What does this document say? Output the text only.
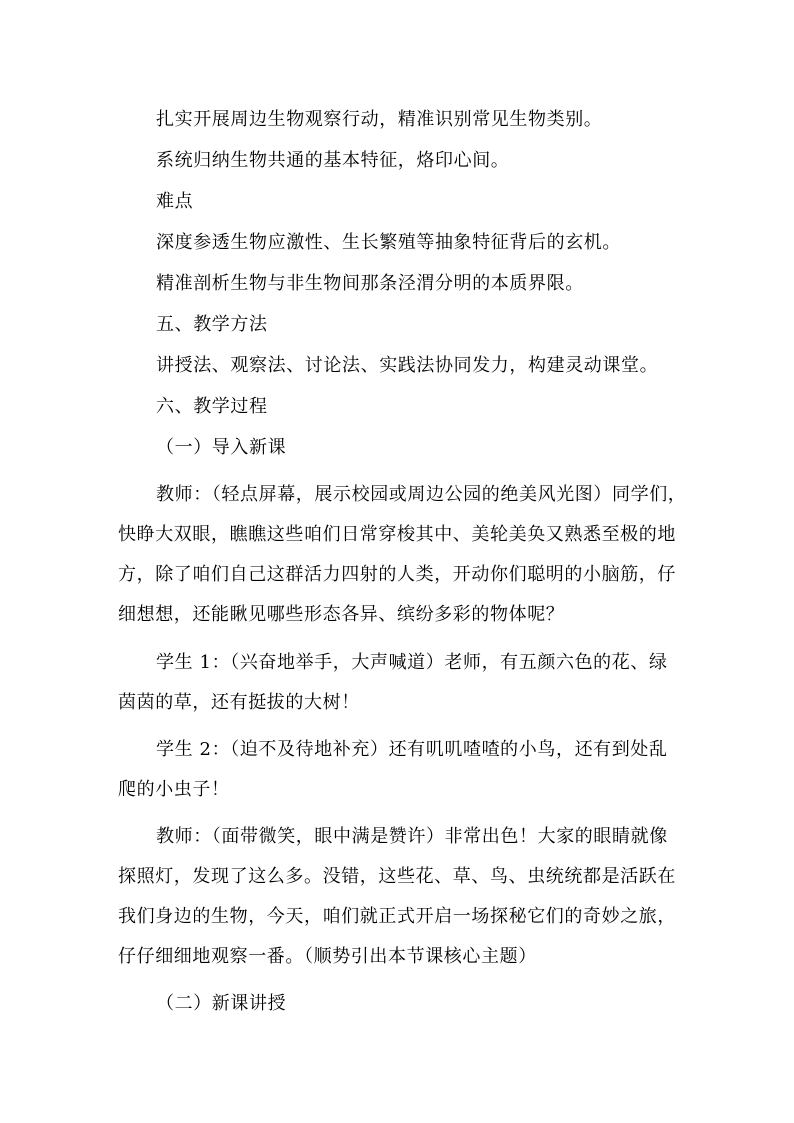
扎实开展周边生物观察行动，精准识别常见生物类别。
系统归纳生物共通的基本特征，烙印心间。
难点
深度参透生物应激性、生长繁殖等抽象特征背后的玄机。
精准剖析生物与非生物间那条泾渭分明的本质界限。
五、教学方法
讲授法、观察法、讨论法、实践法协同发力，构建灵动课堂。
六、教学过程
（一）导入新课
教师：（轻点屏幕，展示校园或周边公园的绝美风光图）同学们，
快睁大双眼，瞧瞧这些咱们日常穿梭其中、美轮美奂又熟悉至极的地
方，除了咱们自己这群活力四射的人类，开动你们聪明的小脑筋，仔
细想想，还能瞅见哪些形态各异、缤纷多彩的物体呢？
学生 1：（兴奋地举手，大声喊道）老师，有五颜六色的花、绿
茵茵的草，还有挺拔的大树！
学生 2：（迫不及待地补充）还有叽叽喳喳的小鸟，还有到处乱
爬的小虫子！
教师：（面带微笑，眼中满是赞许）非常出色！大家的眼睛就像
探照灯，发现了这么多。没错，这些花、草、鸟、虫统统都是活跃在
我们身边的生物，今天，咱们就正式开启一场探秘它们的奇妙之旅，
仔仔细细地观察一番。（顺势引出本节课核心主题）
（二）新课讲授
